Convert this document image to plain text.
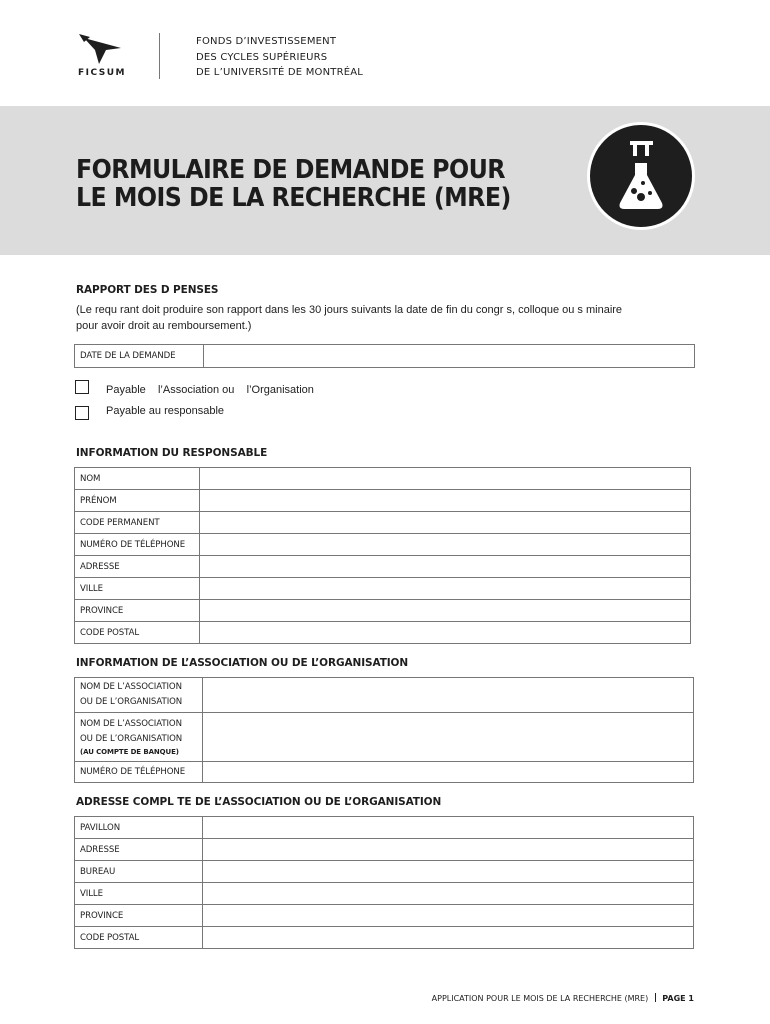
FICSUM
FONDS D’INVESTISSEMENT
DES CYCLES SUPÉRIEURS
DE L’UNIVERSITÉ DE MONTRÉAL
FORMULAIRE DE DEMANDE POUR
LE MOIS DE LA RECHERCHE (MRE)
RAPPORT DES D PENSES
(Le requ rant doit produire son rapport dans les 30 jours suivants la date de fin du congr s, colloque ou s minaire
pour avoir droit au remboursement.)
DATE DE LA DEMANDE	
Payable    l’Association ou    l’Organisation
Payable au responsable
INFORMATION DU RESPONSABLE
NOM	
PRÉNOM	
CODE PERMANENT	
NUMÉRO DE TÉLÉPHONE	
ADRESSE	
VILLE	
PROVINCE	
CODE POSTAL	
INFORMATION DE L’ASSOCIATION OU DE L’ORGANISATION
NOM DE L’ASSOCIATION
OU DE L’ORGANISATION	

NOM DE L’ASSOCIATION
OU DE L’ORGANISATION
(AU COMPTE DE BANQUE)	

NUMÉRO DE TÉLÉPHONE	
ADRESSE COMPL TE DE L’ASSOCIATION OU DE L’ORGANISATION
PAVILLON	
ADRESSE	
BUREAU	
VILLE	
PROVINCE	
CODE POSTAL	
APPLICATION POUR LE MOIS DE LA RECHERCHE (MRE) PAGE 1
